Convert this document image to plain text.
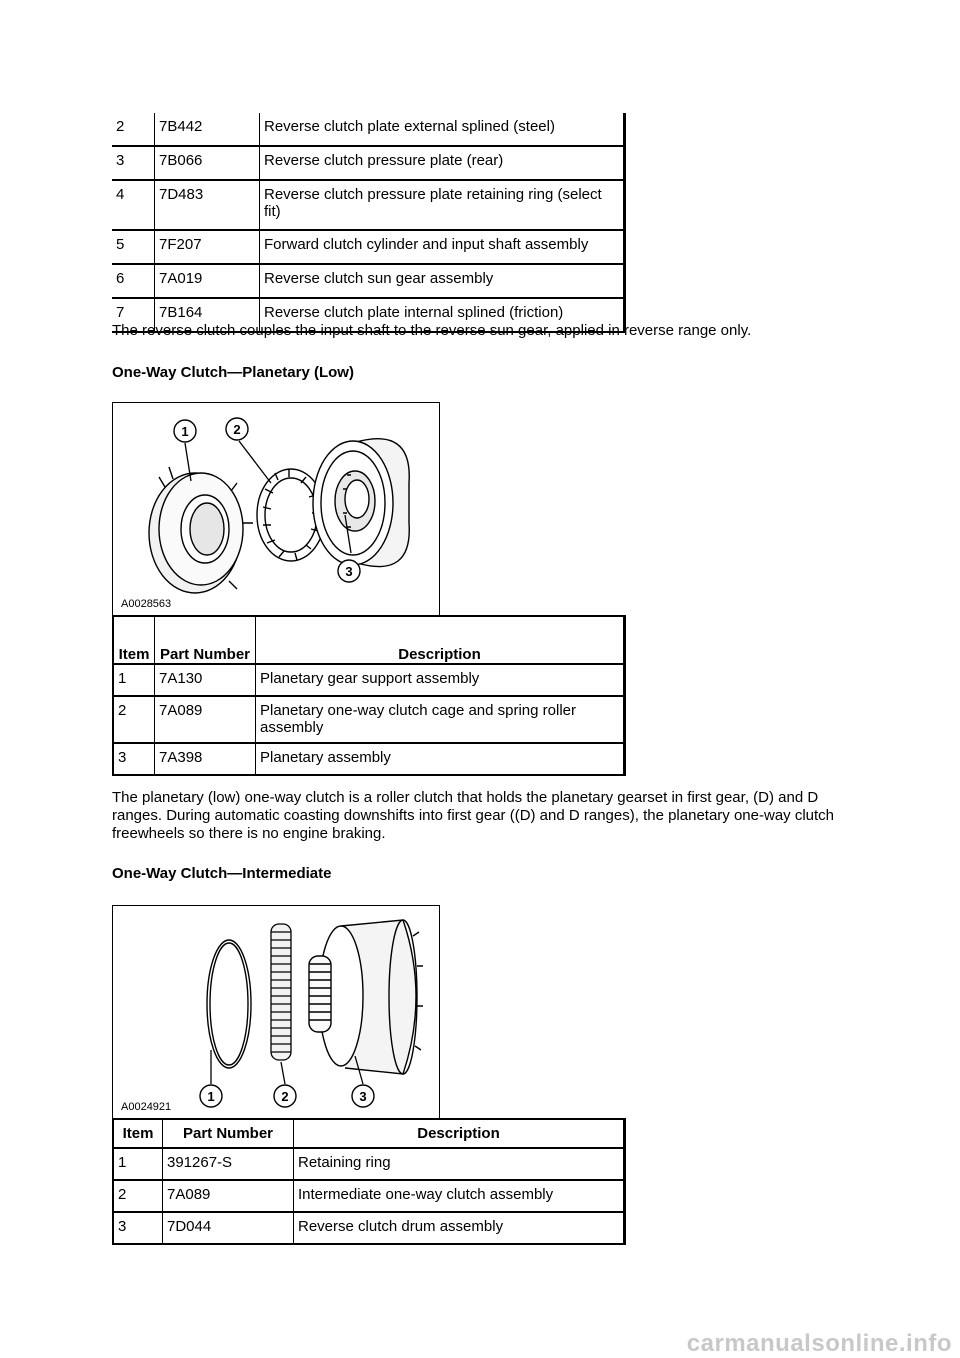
2	7B442	Reverse clutch plate external splined (steel)
3	7B066	Reverse clutch pressure plate (rear)
4	7D483	Reverse clutch pressure plate retaining ring (select fit)
5	7F207	Forward clutch cylinder and input shaft assembly
6	7A019	Reverse clutch sun gear assembly
7	7B164	Reverse clutch plate internal splined (friction)

The reverse clutch couples the input shaft to the reverse sun gear, applied in reverse range only.

One-Way Clutch—Planetary (Low)
1	2
3
A0028563
Item	Part Number	Description
1	7A130	Planetary gear support assembly
2	7A089	Planetary one-way clutch cage and spring roller assembly
3	7A398	Planetary assembly

The planetary (low) one-way clutch is a roller clutch that holds the planetary gearset in first gear, (D) and D ranges. During automatic coasting downshifts into first gear ((D) and D ranges), the planetary one-way clutch freewheels so there is no engine braking.

One-Way Clutch—Intermediate
1	2	3
A0024921
Item	Part Number	Description
1	391267-S	Retaining ring
2	7A089	Intermediate one-way clutch assembly
3	7D044	Reverse clutch drum assembly
carmanualsonline.info
